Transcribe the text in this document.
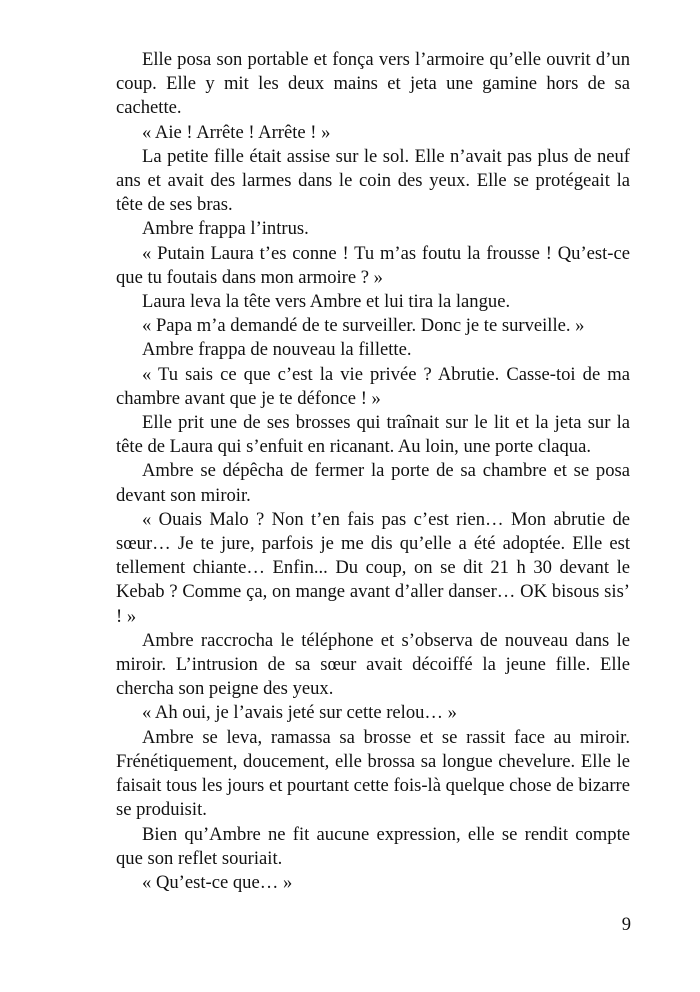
Elle posa son portable et fonça vers l’armoire qu’elle ouvrit d’un coup. Elle y mit les deux mains et jeta une gamine hors de sa cachette.

« Aie ! Arrête ! Arrête ! »

La petite fille était assise sur le sol. Elle n’avait pas plus de neuf ans et avait des larmes dans le coin des yeux. Elle se protégeait la tête de ses bras.

Ambre frappa l’intrus.

« Putain Laura t’es conne ! Tu m’as foutu la frousse ! Qu’est-ce que tu foutais dans mon armoire ? »

Laura leva la tête vers Ambre et lui tira la langue.

« Papa m’a demandé de te surveiller. Donc je te surveille. »

Ambre frappa de nouveau la fillette.

« Tu sais ce que c’est la vie privée ? Abrutie. Casse-toi de ma chambre avant que je te défonce ! »

Elle prit une de ses brosses qui traînait sur le lit et la jeta sur la tête de Laura qui s’enfuit en ricanant. Au loin, une porte claqua.

Ambre se dépêcha de fermer la porte de sa chambre et se posa devant son miroir.

« Ouais Malo ? Non t’en fais pas c’est rien… Mon abrutie de sœur… Je te jure, parfois je me dis qu’elle a été adoptée. Elle est tellement chiante… Enfin... Du coup, on se dit 21 h 30 devant le Kebab ? Comme ça, on mange avant d’aller danser… OK bisous sis’ ! »

Ambre raccrocha le téléphone et s’observa de nouveau dans le miroir. L’intrusion de sa sœur avait décoiffé la jeune fille. Elle chercha son peigne des yeux.

« Ah oui, je l’avais jeté sur cette relou… »

Ambre se leva, ramassa sa brosse et se rassit face au miroir. Frénétiquement, doucement, elle brossa sa longue chevelure. Elle le faisait tous les jours et pourtant cette fois-là quelque chose de bizarre se produisit.

Bien qu’Ambre ne fit aucune expression, elle se rendit compte que son reflet souriait.

« Qu’est-ce que… »

9
